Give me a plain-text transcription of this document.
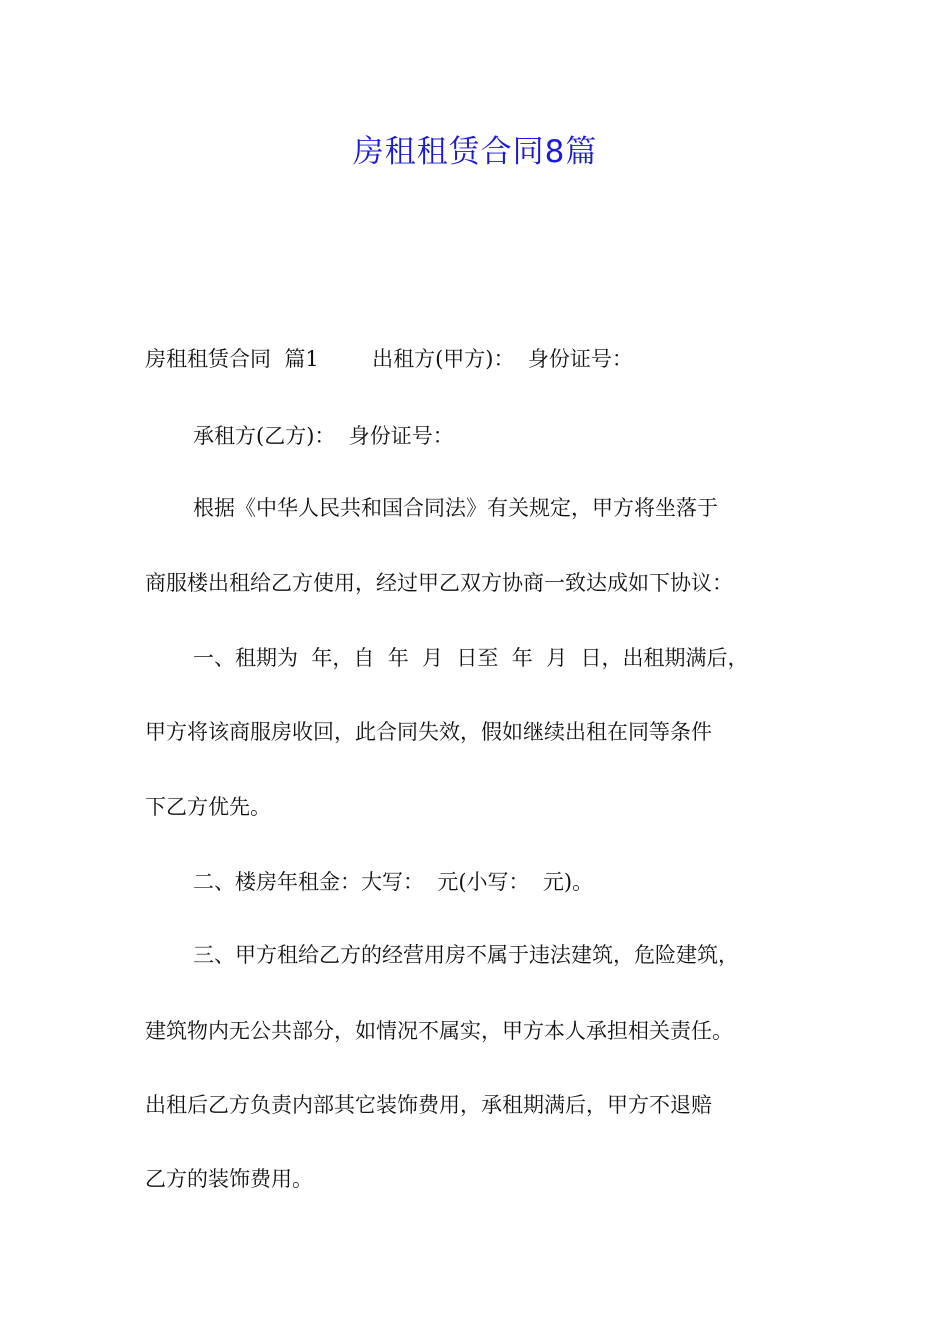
房租租赁合同8篇
房租租赁合同  篇1        出租方(甲方)：  身份证号：
承租方(乙方)：  身份证号：
根据《中华人民共和国合同法》有关规定，甲方将坐落于
商服楼出租给乙方使用，经过甲乙双方协商一致达成如下协议：
一、租期为  年，自  年  月  日至  年  月  日，出租期满后，
甲方将该商服房收回，此合同失效，假如继续出租在同等条件
下乙方优先。
二、楼房年租金：大写：  元(小写：  元)。
三、甲方租给乙方的经营用房不属于违法建筑，危险建筑，
建筑物内无公共部分，如情况不属实，甲方本人承担相关责任。
出租后乙方负责内部其它装饰费用，承租期满后，甲方不退赔
乙方的装饰费用。
